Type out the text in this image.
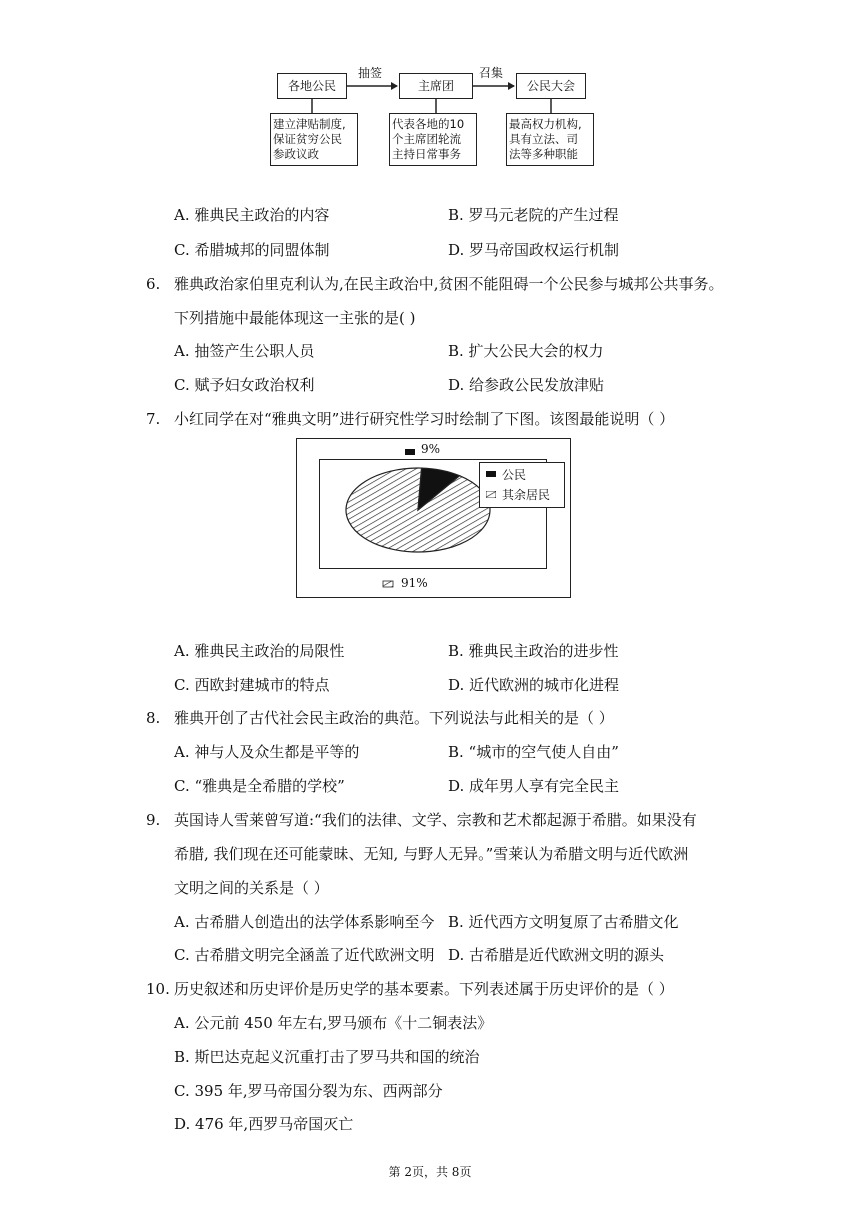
各地公民	主席团	公民大会
抽签	召集
建立津贴制度,
保证贫穷公民
参政议政
代表各地的10
个主席团轮流
主持日常事务
最高权力机构,
具有立法、司
法等多种职能
A. 雅典民主政治的内容	B. 罗马元老院的产生过程
C. 希腊城邦的同盟体制	D. 罗马帝国政权运行机制
6. 雅典政治家伯里克利认为,在民主政治中,贫困不能阻碍一个公民参与城邦公共事务。
下列措施中最能体现这一主张的是( )
A. 抽签产生公职人员	B. 扩大公民大会的权力
C. 赋予妇女政治权利	D. 给参政公民发放津贴
7. 小红同学在对“雅典文明”进行研究性学习时绘制了下图。该图最能说明（ ）
9%
91%
公民
其余居民
A. 雅典民主政治的局限性	B. 雅典民主政治的进步性
C. 西欧封建城市的特点	D. 近代欧洲的城市化进程
8. 雅典开创了古代社会民主政治的典范。下列说法与此相关的是（ ）
A. 神与人及众生都是平等的	B. “城市的空气使人自由”
C. “雅典是全希腊的学校”	D. 成年男人享有完全民主
9. 英国诗人雪莱曾写道:“我们的法律、文学、宗教和艺术都起源于希腊。如果没有
希腊, 我们现在还可能蒙昧、无知, 与野人无异。”雪莱认为希腊文明与近代欧洲
文明之间的关系是（ ）
A. 古希腊人创造出的法学体系影响至今 B. 近代西方文明复原了古希腊文化
C. 古希腊文明完全涵盖了近代欧洲文明 D. 古希腊是近代欧洲文明的源头
10. 历史叙述和历史评价是历史学的基本要素。下列表述属于历史评价的是（ ）
A. 公元前 450 年左右,罗马颁布《十二铜表法》
B. 斯巴达克起义沉重打击了罗马共和国的统治
C. 395 年,罗马帝国分裂为东、西两部分
D. 476 年,西罗马帝国灭亡
第 2页，共 8页
